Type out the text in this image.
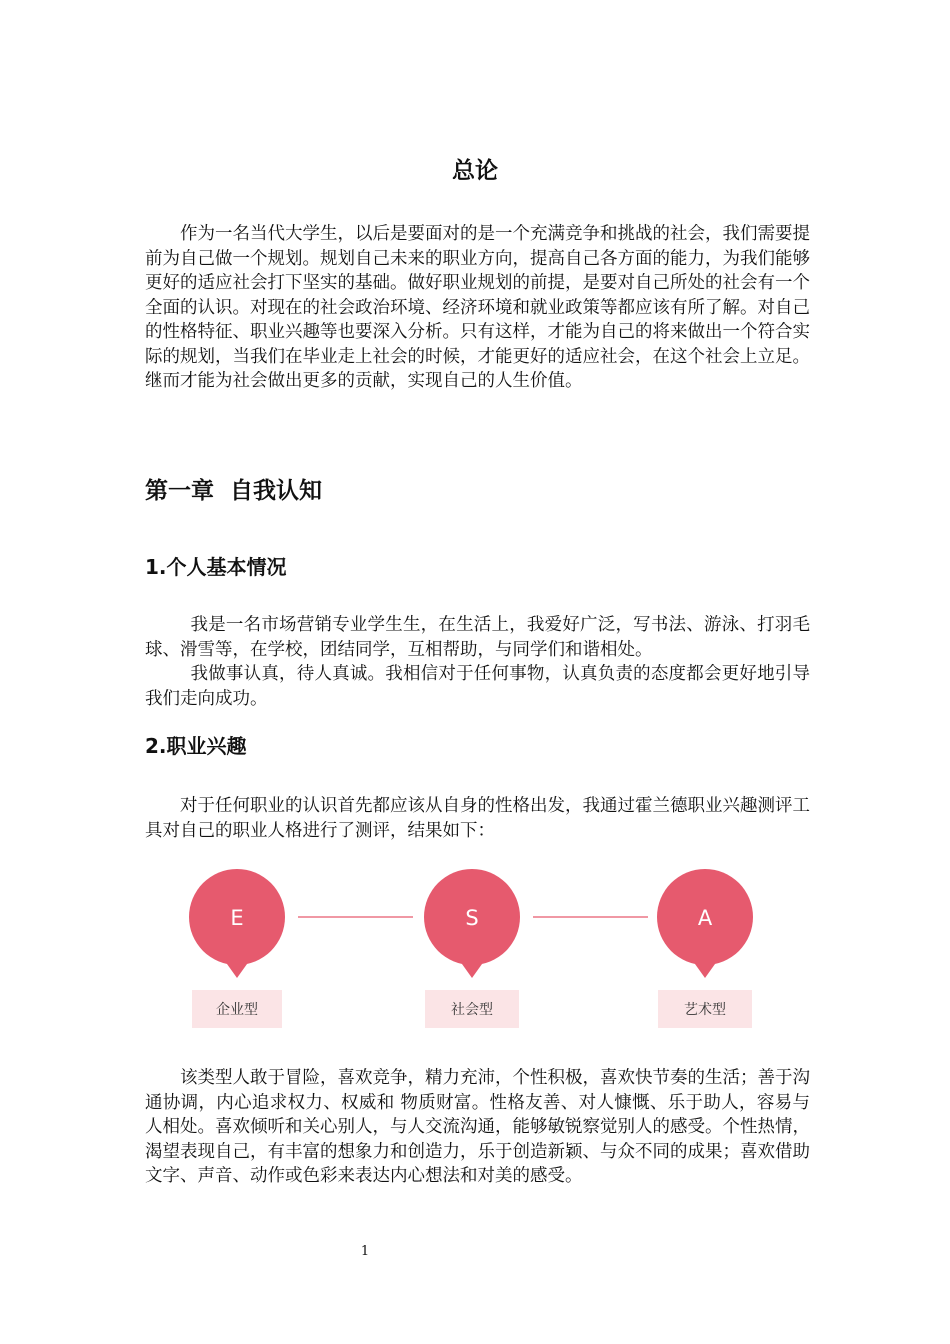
总论

作为一名当代大学生，以后是要面对的是一个充满竞争和挑战的社会，我们需要提前为自己做一个规划。规划自己未来的职业方向，提高自己各方面的能力，为我们能够更好的适应社会打下坚实的基础。做好职业规划的前提，是要对自己所处的社会有一个全面的认识。对现在的社会政治环境、经济环境和就业政策等都应该有所了解。对自己的性格特征、职业兴趣等也要深入分析。只有这样，才能为自己的将来做出一个符合实际的规划，当我们在毕业走上社会的时候，才能更好的适应社会，在这个社会上立足。继而才能为社会做出更多的贡献，实现自己的人生价值。

第一章  自我认知
1.个人基本情况

我是一名市场营销专业学生生，在生活上，我爱好广泛，写书法、游泳、打羽毛球、滑雪等，在学校，团结同学，互相帮助，与同学们和谐相处。

我做事认真，待人真诚。我相信对于任何事物，认真负责的态度都会更好地引导我们走向成功。

2.职业兴趣

对于任何职业的认识首先都应该从自身的性格出发，我通过霍兰德职业兴趣测评工具对自己的职业人格进行了测评，结果如下：

E
企业型
S
社会型
A
艺术型

该类型人敢于冒险，喜欢竞争，精力充沛，个性积极，喜欢快节奏的生活；善于沟通协调，内心追求权力、权威和 物质财富。性格友善、对人慷慨、乐于助人，容易与人相处。喜欢倾听和关心别人，与人交流沟通，能够敏锐察觉别人的感受。个性热情，渴望表现自己，有丰富的想象力和创造力，乐于创造新颖、与众不同的成果；喜欢借助文字、声音、动作或色彩来表达内心想法和对美的感受。

1
